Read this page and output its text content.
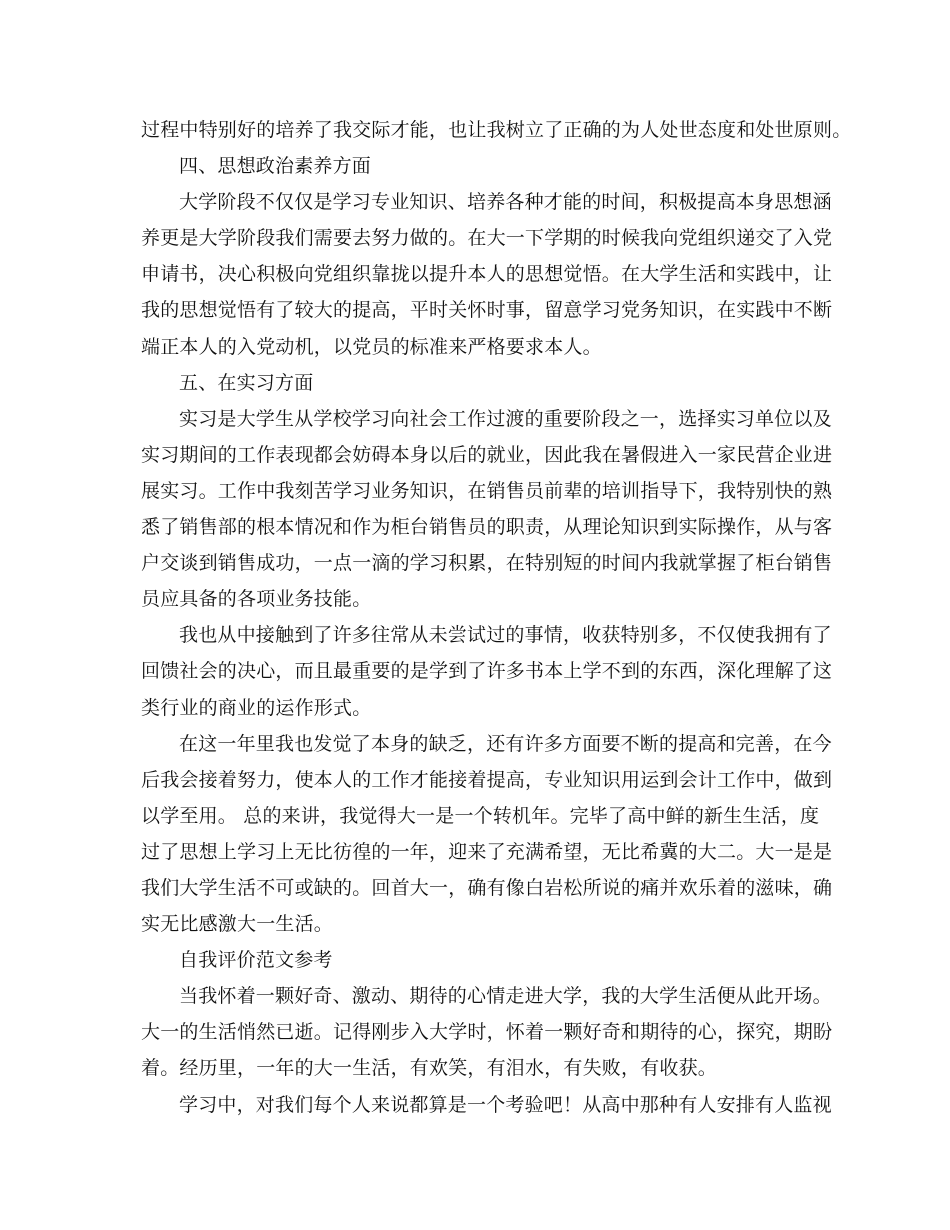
过程中特别好的培养了我交际才能，也让我树立了正确的为人处世态度和处世原则。
四、思想政治素养方面
大学阶段不仅仅是学习专业知识、培养各种才能的时间，积极提高本身思想涵
养更是大学阶段我们需要去努力做的。在大一下学期的时候我向党组织递交了入党
申请书，决心积极向党组织靠拢以提升本人的思想觉悟。在大学生活和实践中，让
我的思想觉悟有了较大的提高，平时关怀时事，留意学习党务知识，在实践中不断
端正本人的入党动机，以党员的标准来严格要求本人。
五、在实习方面
实习是大学生从学校学习向社会工作过渡的重要阶段之一，选择实习单位以及
实习期间的工作表现都会妨碍本身以后的就业，因此我在暑假进入一家民营企业进
展实习。工作中我刻苦学习业务知识，在销售员前辈的培训指导下，我特别快的熟
悉了销售部的根本情况和作为柜台销售员的职责，从理论知识到实际操作，从与客
户交谈到销售成功，一点一滴的学习积累，在特别短的时间内我就掌握了柜台销售
员应具备的各项业务技能。
我也从中接触到了许多往常从未尝试过的事情，收获特别多，不仅使我拥有了
回馈社会的决心，而且最重要的是学到了许多书本上学不到的东西，深化理解了这
类行业的商业的运作形式。
在这一年里我也发觉了本身的缺乏，还有许多方面要不断的提高和完善，在今
后我会接着努力，使本人的工作才能接着提高，专业知识用运到会计工作中，做到
以学至用。 总的来讲，我觉得大一是一个转机年。完毕了高中鲜的新生生活，度
过了思想上学习上无比彷徨的一年，迎来了充满希望，无比希冀的大二。大一是是
我们大学生活不可或缺的。回首大一，确有像白岩松所说的痛并欢乐着的滋味，确
实无比感激大一生活。
自我评价范文参考
当我怀着一颗好奇、激动、期待的心情走进大学，我的大学生活便从此开场。
大一的生活悄然已逝。记得刚步入大学时，怀着一颗好奇和期待的心，探究，期盼
着。经历里，一年的大一生活，有欢笑，有泪水，有失败，有收获。
学习中，对我们每个人来说都算是一个考验吧！从高中那种有人安排有人监视
